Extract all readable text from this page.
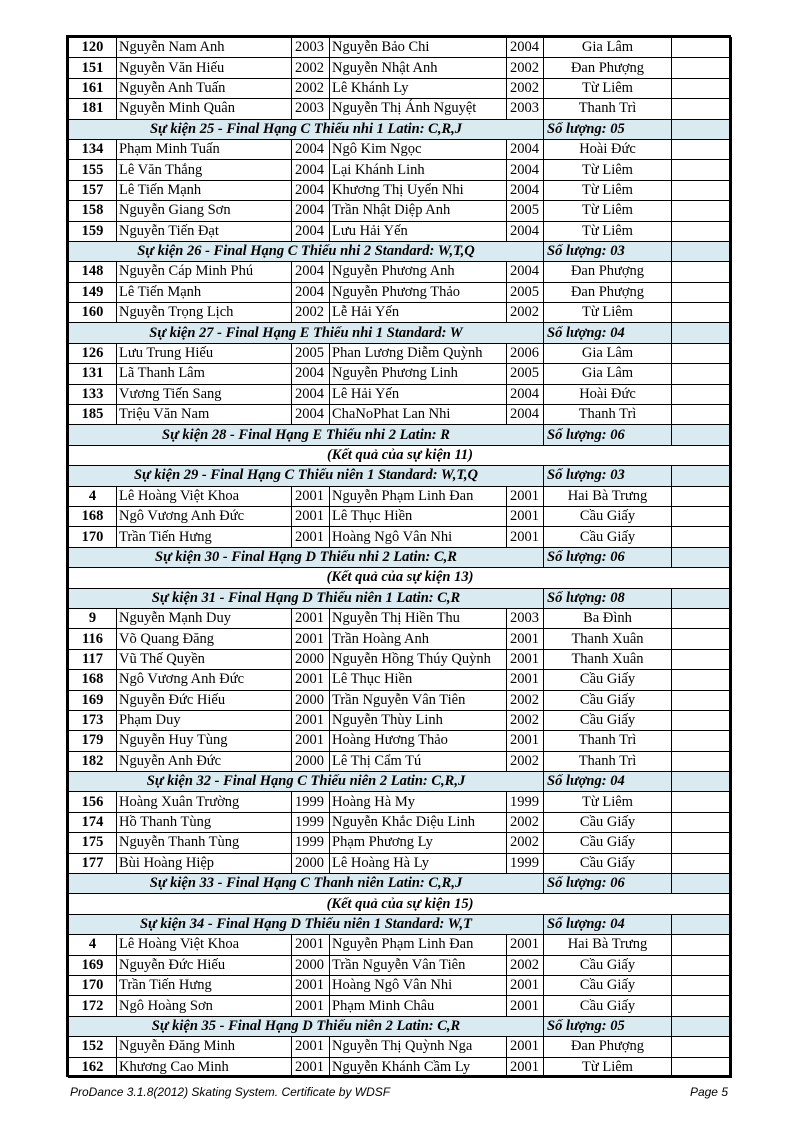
120	Nguyễn Nam Anh	2003	Nguyễn Bảo Chi	2004	Gia Lâm	
151	Nguyễn Văn Hiếu	2002	Nguyễn Nhật Anh	2002	Đan Phượng	
161	Nguyễn Anh Tuấn	2002	Lê Khánh Ly	2002	Từ Liêm	
181	Nguyễn Minh Quân	2003	Nguyễn Thị Ánh Nguyệt	2003	Thanh Trì	
Sự kiện 25 - Final Hạng C Thiếu nhi 1 Latin: C,R,J					Số lượng: 05	
134	Phạm Minh Tuấn	2004	Ngô Kim Ngọc	2004	Hoài Đức	
155	Lê Văn Thắng	2004	Lại Khánh Linh	2004	Từ Liêm	
157	Lê Tiến Mạnh	2004	Khương Thị Uyển Nhi	2004	Từ Liêm	
158	Nguyễn Giang Sơn	2004	Trần Nhật Diệp Anh	2005	Từ Liêm	
159	Nguyễn Tiến Đạt	2004	Lưu Hải Yến	2004	Từ Liêm	
Sự kiện 26 - Final Hạng C Thiếu nhi 2 Standard: W,T,Q					Số lượng: 03	
148	Nguyễn Cáp Minh Phú	2004	Nguyễn Phương Anh	2004	Đan Phượng	
149	Lê Tiến Mạnh	2004	Nguyễn Phương Thảo	2005	Đan Phượng	
160	Nguyễn Trọng Lịch	2002	Lễ Hải Yến	2002	Từ Liêm	
Sự kiện 27 - Final Hạng E Thiếu nhi 1 Standard: W					Số lượng: 04	
126	Lưu Trung Hiếu	2005	Phan Lương Diễm Quỳnh	2006	Gia Lâm	
131	Lã Thanh Lâm	2004	Nguyễn Phương Linh	2005	Gia Lâm	
133	Vương Tiến Sang	2004	Lê Hải Yến	2004	Hoài Đức	
185	Triệu Văn Nam	2004	ChaNoPhat Lan Nhi	2004	Thanh Trì	
Sự kiện 28 - Final Hạng E Thiếu nhi 2 Latin: R					Số lượng: 06	
(Kết quả của sự kiện 11)						
Sự kiện 29 - Final Hạng C Thiếu niên 1 Standard: W,T,Q					Số lượng: 03	
4	Lê Hoàng Việt Khoa	2001	Nguyễn Phạm Linh Đan	2001	Hai Bà Trưng	
168	Ngô Vương Anh Đức	2001	Lê Thục Hiền	2001	Cầu Giấy	
170	Trần Tiến Hưng	2001	Hoàng Ngô Vân Nhi	2001	Cầu Giấy	
Sự kiện 30 - Final Hạng D Thiếu nhi 2 Latin: C,R					Số lượng: 06	
(Kết quả của sự kiện 13)						
Sự kiện 31 - Final Hạng D Thiếu niên 1 Latin: C,R					Số lượng: 08	
9	Nguyễn Mạnh Duy	2001	Nguyễn Thị Hiền Thu	2003	Ba Đình	
116	Võ Quang Đăng	2001	Trần Hoàng Anh	2001	Thanh Xuân	
117	Vũ Thế Quyền	2000	Nguyễn Hồng Thúy Quỳnh	2001	Thanh Xuân	
168	Ngô Vương Anh Đức	2001	Lê Thục Hiền	2001	Cầu Giấy	
169	Nguyễn Đức Hiếu	2000	Trần Nguyễn Vân Tiên	2002	Cầu Giấy	
173	Phạm Duy	2001	Nguyễn Thùy Linh	2002	Cầu Giấy	
179	Nguyễn Huy Tùng	2001	Hoàng Hương Thảo	2001	Thanh Trì	
182	Nguyễn Anh Đức	2000	Lê Thị Cẩm Tú	2002	Thanh Trì	
Sự kiện 32 - Final Hạng C Thiếu niên 2 Latin: C,R,J					Số lượng: 04	
156	Hoàng Xuân Trường	1999	Hoàng Hà My	1999	Từ Liêm	
174	Hồ Thanh Tùng	1999	Nguyễn Khắc Diệu Linh	2002	Cầu Giấy	
175	Nguyễn Thanh Tùng	1999	Phạm Phương Ly	2002	Cầu Giấy	
177	Bùi Hoàng Hiệp	2000	Lê Hoàng Hà Ly	1999	Cầu Giấy	
Sự kiện 33 - Final Hạng C Thanh niên Latin: C,R,J					Số lượng: 06	
(Kết quả của sự kiện 15)						
Sự kiện 34 - Final Hạng D Thiếu niên 1 Standard: W,T					Số lượng: 04	
4	Lê Hoàng Việt Khoa	2001	Nguyễn Phạm Linh Đan	2001	Hai Bà Trưng	
169	Nguyễn Đức Hiếu	2000	Trần Nguyễn Vân Tiên	2002	Cầu Giấy	
170	Trần Tiến Hưng	2001	Hoàng Ngô Vân Nhi	2001	Cầu Giấy	
172	Ngô Hoàng Sơn	2001	Phạm Minh Châu	2001	Cầu Giấy	
Sự kiện 35 - Final Hạng D Thiếu niên 2 Latin: C,R					Số lượng: 05	
152	Nguyễn Đăng Minh	2001	Nguyễn Thị Quỳnh Nga	2001	Đan Phượng	
162	Khương Cao Minh	2001	Nguyễn Khánh Cầm Ly	2001	Từ Liêm	
ProDance 3.1.8(2012) Skating System. Certificate by WDSF	Page 5
